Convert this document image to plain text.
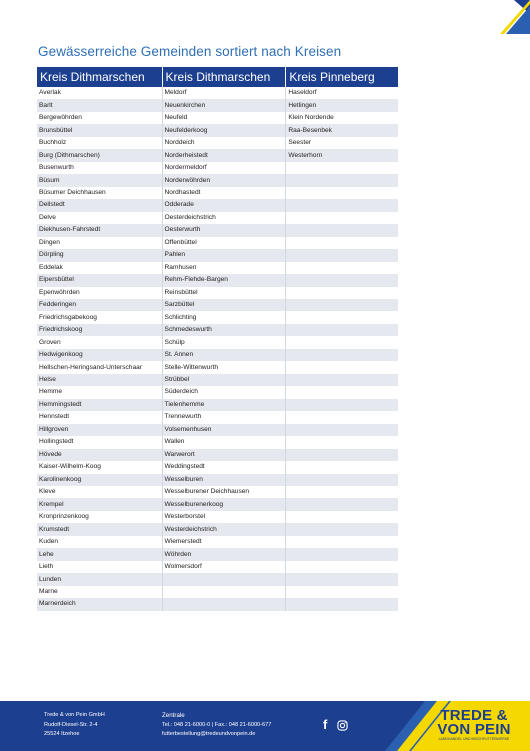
Gewässerreiche Gemeinden sortiert nach Kreisen
Kreis Dithmarschen	Kreis Dithmarschen	Kreis Pinneberg
Averlak	Meldorf	Haseldorf
Barlt	Neuenkirchen	Hetlingen
Bergewöhrden	Neufeld	Klein Nordende
Brunsbüttel	Neufelderkoog	Raa-Besenbek
Buchholz	Norddeich	Seester
Burg (Dithmarschen)	Norderheistedt	Westerhorn
Busenwurth	Nordermeldorf	
Büsum	Norderwöhrden	
Büsumer Deichhausen	Nordhastedt	
Dellstedt	Odderade	
Delve	Oesterdeichstrich	
Diekhusen-Fahrstedt	Oesterwurth	
Dingen	Offenbüttel	
Dörpling	Pahlen	
Eddelak	Ramhusen	
Elpersbüttel	Rehm-Flehde-Bargen	
Epenwöhrden	Reinsbüttel	
Fedderingen	Sarzbüttel	
Friedrichsgabekoog	Schlichting	
Friedrichskoog	Schmedeswurth	
Groven	Schülp	
Hedwigenkoog	St. Annen	
Hellschen-Heringsand-Unterschaar	Stelle-Wittenwurth	
Helse	Strübbel	
Hemme	Süderdeich	
Hemmingstedt	Tielenhemme	
Hennstedt	Trennewurth	
Hillgroven	Volsemenhusen	
Hollingstedt	Wallen	
Hövede	Warwerort	
Kaiser-Wilhelm-Koog	Weddingstedt	
Karolinenkoog	Wesselburen	
Kleve	Wesselburener Deichhausen	
Krempel	Wesselburenerkoog	
Kronprinzenkoog	Westerborstel	
Krumstedt	Westerdeichstrich	
Kuden	Wiemerstedt	
Lehe	Wöhrden	
Lieth	Wolmersdorf	
Lunden		
Marne		
Marnerdeich		
Trede & von Pein GmbH
Rudolf-Diesel-Str. 2-4
25524 Itzehoe
Zentrale
Tel.: 048 21-6000-0 | Fax.: 048 21-6000-677
futterbestellung@tredeundvonpein.de
f
TREDE &
VON PEIN
LANDHANDEL UND MISCHFUTTERWERKE
